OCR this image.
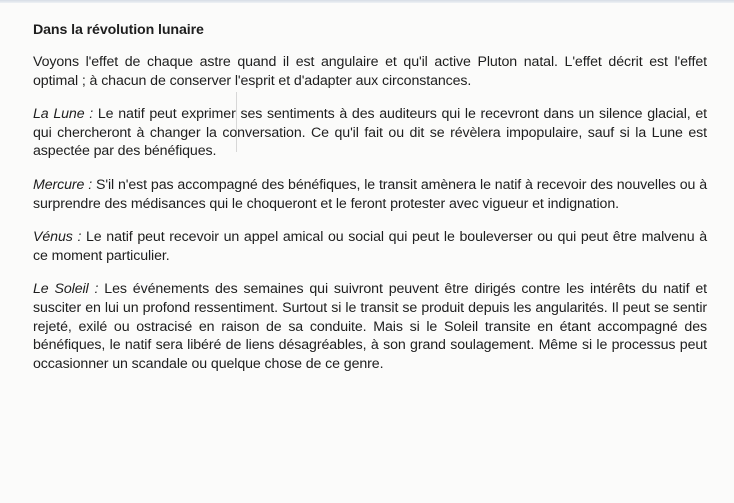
Dans la révolution lunaire

Voyons l'effet de chaque astre quand il est angulaire et qu'il active Pluton natal. L'effet décrit est l'effet optimal ; à chacun de conserver l'esprit et d'adapter aux circonstances.

La Lune : Le natif peut exprimer ses sentiments à des auditeurs qui le recevront dans un silence glacial, et qui chercheront à changer la conversation. Ce qu'il fait ou dit se révèlera impopulaire, sauf si la Lune est aspectée par des bénéfiques.

Mercure : S'il n'est pas accompagné des bénéfiques, le transit amènera le natif à recevoir des nouvelles ou à surprendre des médisances qui le choqueront et le feront protester avec vigueur et indignation.

Vénus : Le natif peut recevoir un appel amical ou social qui peut le bouleverser ou qui peut être malvenu à ce moment particulier.

Le Soleil : Les événements des semaines qui suivront peuvent être dirigés contre les intérêts du natif et susciter en lui un profond ressentiment. Surtout si le transit se produit depuis les angularités. Il peut se sentir rejeté, exilé ou ostracisé en raison de sa conduite. Mais si le Soleil transite en étant accompagné des bénéfiques, le natif sera libéré de liens désagréables, à son grand soulagement. Même si le processus peut occasionner un scandale ou quelque chose de ce genre.
